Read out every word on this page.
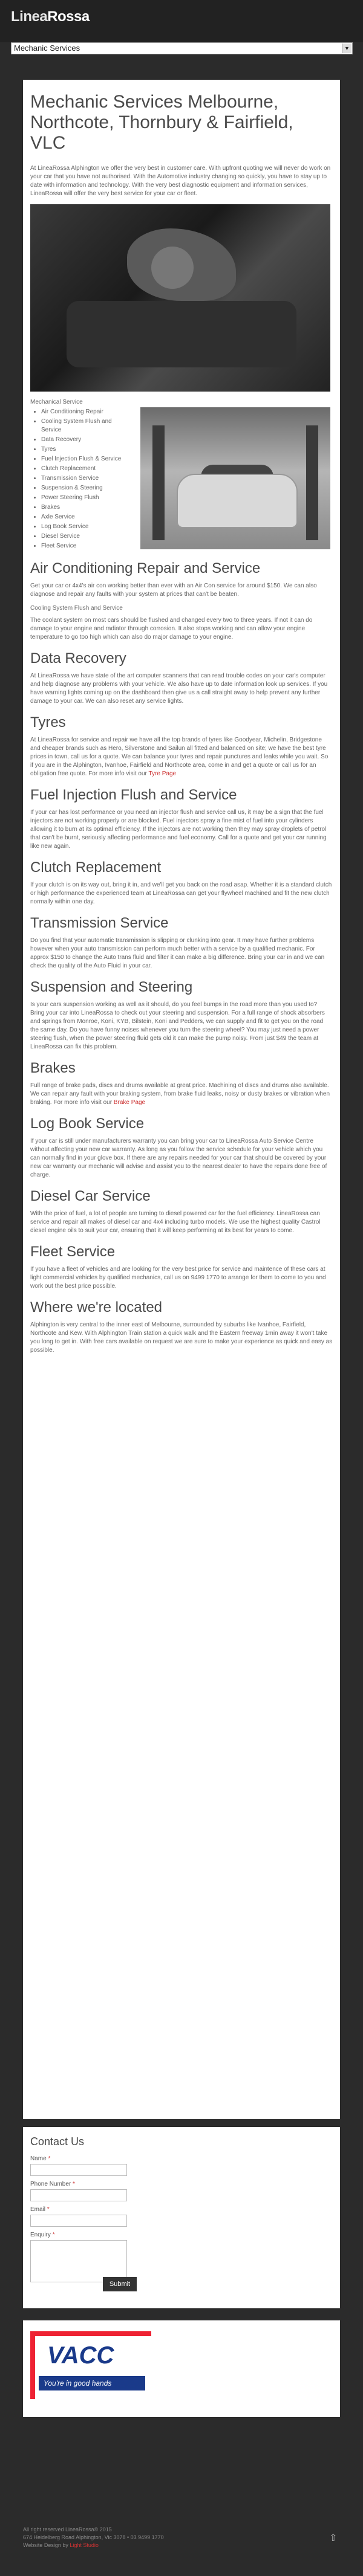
LineaRossa
Mechanic Services	▼
Mechanic Services Melbourne, Northcote, Thornbury & Fairfield, VLC

At LineaRossa Alphington we offer the very best in customer care. With upfront quoting we will never do work on your car that you have not authorised. With the Automotive industry changing so quickly, you have to stay up to date with information and technology. With the very best diagnostic equipment and information services, LineaRossa will offer the very best service for your car or fleet.

Mechanical Service
• Air Conditioning Repair
• Cooling System Flush and Service
• Data Recovery
• Tyres
• Fuel Injection Flush & Service
• Clutch Replacement
• Transmission Service
• Suspension & Steering
• Power Steering Flush
• Brakes
• Axle Service
• Log Book Service
• Diesel Service
• Fleet Service
Air Conditioning Repair and Service

Get your car or 4x4's air con working better than ever with an Air Con service for around $150. We can also diagnose and repair any faults with your system at prices that can't be beaten.

Cooling System Flush and Service

The coolant system on most cars should be flushed and changed every two to three years. If not it can do damage to your engine and radiator through corrosion. It also stops working and can allow your engine temperature to go too high which can also do major damage to your engine.

Data Recovery

At LineaRossa we have state of the art computer scanners that can read trouble codes on your car's computer and help diagnose any problems with your vehicle. We also have up to date information look up services. If you have warning lights coming up on the dashboard then give us a call straight away to help prevent any further damage to your car. We can also reset any service lights.

Tyres

At LineaRossa for service and repair we have all the top brands of tyres like Goodyear, Michelin, Bridgestone and cheaper brands such as Hero, Silverstone and Sailun all fitted and balanced on site; we have the best tyre prices in town, call us for a quote. We can balance your tyres and repair punctures and leaks while you wait. So if you are in the Alphington, Ivanhoe, Fairfield and Northcote area, come in and get a quote or call us for an obligation free quote. For more info visit our Tyre Page

Fuel Injection Flush and Service

If your car has lost performance or you need an injector flush and service call us, it may be a sign that the fuel injectors are not working properly or are blocked. Fuel injectors spray a fine mist of fuel into your cylinders allowing it to burn at its optimal efficiency. If the injectors are not working then they may spray droplets of petrol that can't be burnt, seriously affecting performance and fuel economy. Call for a quote and get your car running like new again.

Clutch Replacement

If your clutch is on its way out, bring it in, and we'll get you back on the road asap. Whether it is a standard clutch or high performance the experienced team at LineaRossa can get your flywheel machined and fit the new clutch normally within one day.

Transmission Service

Do you find that your automatic transmission is slipping or clunking into gear. It may have further problems however when your auto transmission can perform much better with a service by a qualified mechanic. For approx $150 to change the Auto trans fluid and filter it can make a big difference. Bring your car in and we can check the quality of the Auto Fluid in your car.

Suspension and Steering

Is your cars suspension working as well as it should, do you feel bumps in the road more than you used to? Bring your car into LineaRossa to check out your steering and suspension. For a full range of shock absorbers and springs from Monroe, Koni, KYB, Bilstein, Koni and Pedders, we can supply and fit to get you on the road the same day. Do you have funny noises whenever you turn the steering wheel? You may just need a power steering flush, when the power steering fluid gets old it can make the pump noisy. From just $49 the team at LineaRossa can fix this problem.

Brakes

Full range of brake pads, discs and drums available at great price. Machining of discs and drums also available. We can repair any fault with your braking system, from brake fluid leaks, noisy or dusty brakes or vibration when braking. For more info visit our Brake Page

Log Book Service

If your car is still under manufacturers warranty you can bring your car to LineaRossa Auto Service Centre without affecting your new car warranty. As long as you follow the service schedule for your vehicle which you can normally find in your glove box. If there are any repairs needed for your car that should be covered by your new car warranty our mechanic will advise and assist you to the nearest dealer to have the repairs done free of charge.

Diesel Car Service

With the price of fuel, a lot of people are turning to diesel powered car for the fuel efficiency. LineaRossa can service and repair all makes of diesel car and 4x4 including turbo models. We use the highest quality Castrol diesel engine oils to suit your car, ensuring that it will keep performing at its best for years to come.

Fleet Service

If you have a fleet of vehicles and are looking for the very best price for service and maintence of these cars at light commercial vehicles by qualified mechanics, call us on 9499 1770 to arrange for them to come to you and work out the best price possible.

Where we're located

Alphington is very central to the inner east of Melbourne, surrounded by suburbs like Ivanhoe, Fairfield, Northcote and Kew. With Alphington Train station a quick walk and the Eastern freeway 1min away it won't take you long to get in. With free cars available on request we are sure to make your experience as quick and easy as possible.

Contact Us
Name *
Phone Number *
Email *
Enquiry *
Submit
VACC
You're in good hands

All right reserved LineaRossa© 2015

674 Heidelberg Road Alphington, Vic 3078 • 03 9499 1770

Website Design by Light Studio

⇧
